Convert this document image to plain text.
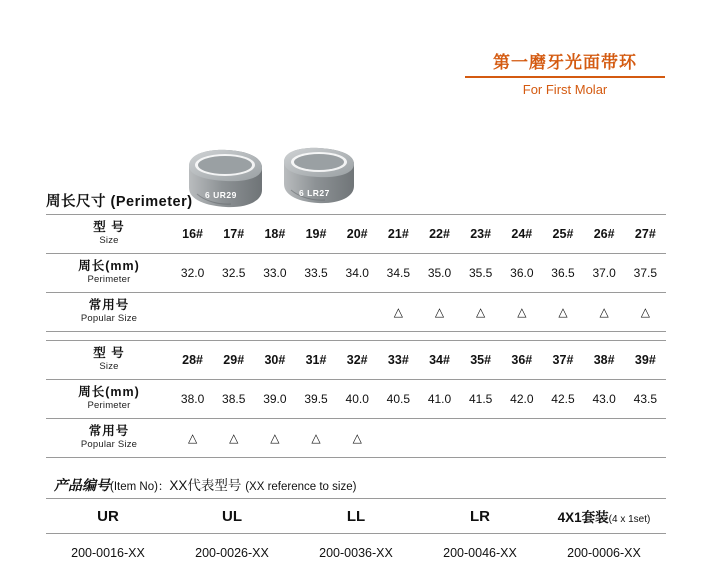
第一磨牙光面带环
For First Molar
6 UR29	6 LR27
周长尺寸 (Perimeter)
型 号
Size	16#	17#	18#	19#	20#	21#	22#	23#	24#	25#	26#	27#

周长(mm)
Perimeter	32.0	32.5	33.0	33.5	34.0	34.5	35.0	35.5	36.0	36.5	37.0	37.5

常用号
Popular Size						△	△	△	△	△	△	△
型 号
Size	28#	29#	30#	31#	32#	33#	34#	35#	36#	37#	38#	39#

周长(mm)
Perimeter	38.0	38.5	39.0	39.5	40.0	40.5	41.0	41.5	42.0	42.5	43.0	43.5

常用号
Popular Size	△	△	△	△	△							
产品编号(Item No)：XX代表型号 (XX reference to size)
UR	UL	LL	LR	4X1套装(4 x 1set)
200-0016-XX	200-0026-XX	200-0036-XX	200-0046-XX	200-0006-XX
